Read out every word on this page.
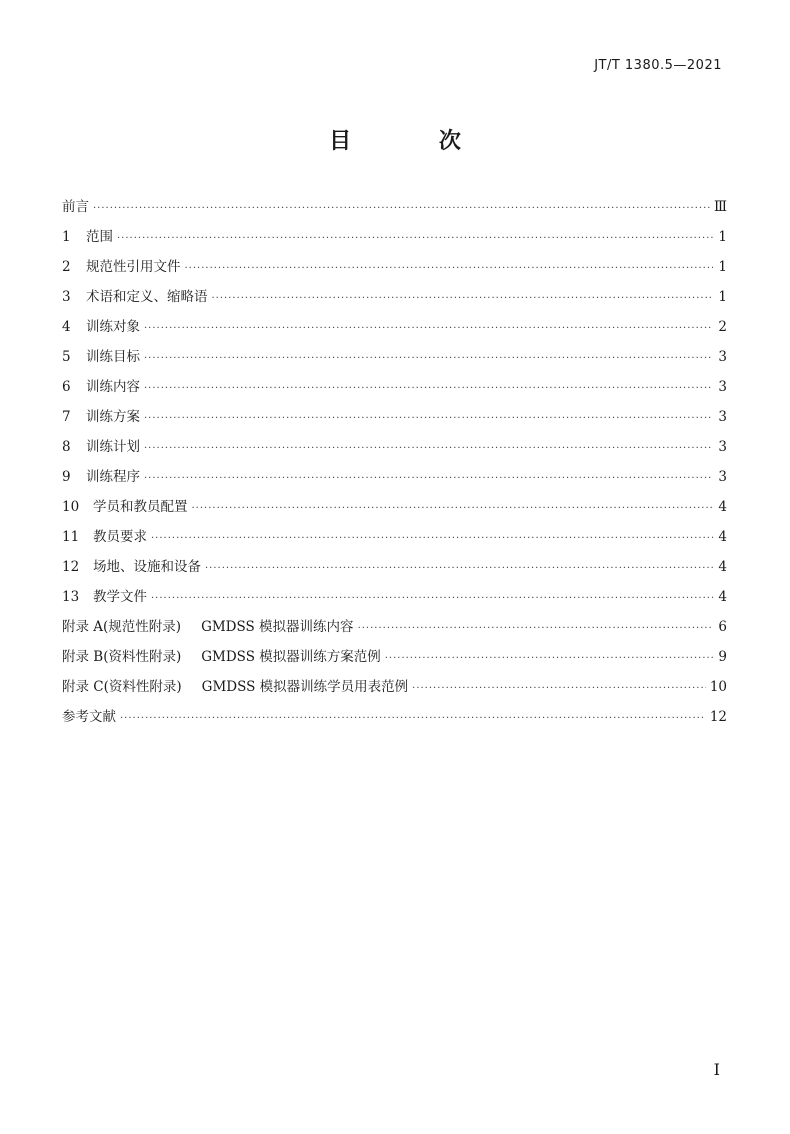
JT/T 1380.5—2021
目 次
前言 ·····	Ⅲ
1	范围 ·····	1
2	规范性引用文件 ·····	1
3	术语和定义、缩略语 ·····	1
4	训练对象 ·····	2
5	训练目标 ·····	3
6	训练内容 ·····	3
7	训练方案 ·····	3
8	训练计划 ·····	3
9	训练程序 ·····	3
10	学员和教员配置 ·····	4
11	教员要求 ·····	4
12	场地、设施和设备 ·····	4
13	教学文件 ·····	4
附录 A(规范性附录) GMDSS 模拟器训练内容 ·····	6
附录 B(资料性附录) GMDSS 模拟器训练方案范例 ·····	9
附录 C(资料性附录) GMDSS 模拟器训练学员用表范例 ·····	10
参考文献 ·····	12
I
